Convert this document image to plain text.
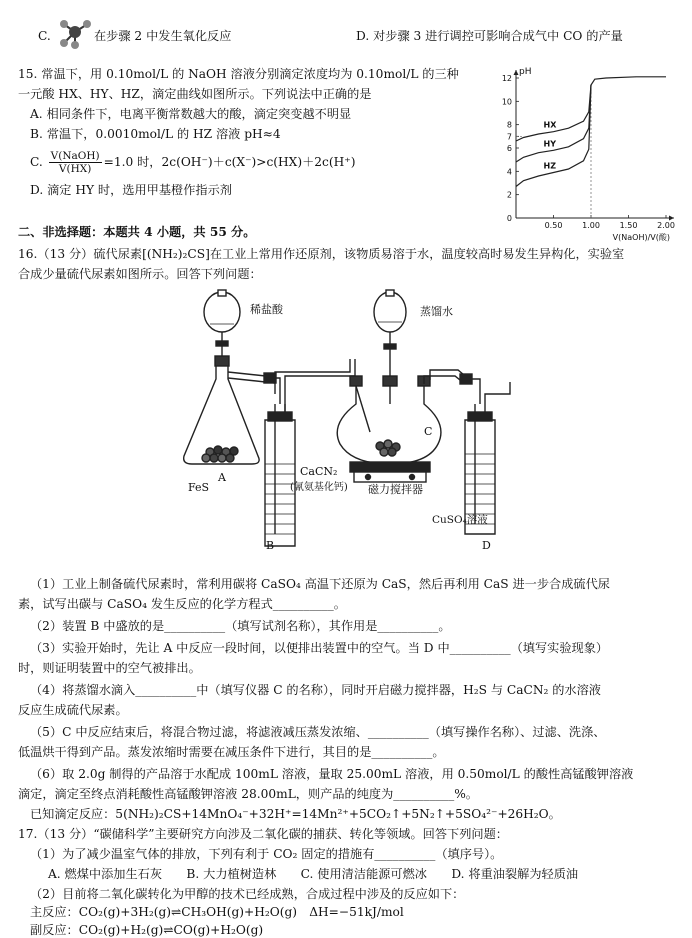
C.	在步骤 2 中发生氧化反应	D. 对步骤 3 进行调控可影响合成气中 CO 的产量
15. 常温下，用 0.10mol/L 的 NaOH 溶液分别滴定浓度均为 0.10mol/L 的三种
一元酸 HX、HY、HZ，滴定曲线如图所示。下列说法中正确的是
A. 相同条件下，电离平衡常数越大的酸，滴定突变越不明显
B. 常温下，0.0010mol/L 的 HZ 溶液 pH≈4
C. $\frac{\text{V(NaOH)}}{V(HX)} =1.0$ 时，2c(OH⁻)＋c(X⁻)>c(HX)＋2c(H⁺)
D. 滴定 HY 时，选用甲基橙作指示剂
pH
2
4
6
7
8
10
12
0
0.50 1.00 1.50 2.00
V(NaOH)/V(酸)
HX
HY
HZ
二、非选择题：本题共 4 小题，共 55 分。
16.（13 分）硫代尿素[(NH₂)₂CS]在工业上常用作还原剂，该物质易溶于水，温度较高时易发生异构化，实验室
合成少量硫代尿素如图所示。回答下列问题：
稀盐酸	蒸馏水
FeS
A
B
C
D
CaCN₂
(氰氨基化钙) 磁力搅拌器
CuSO₄溶液
（1）工业上制备硫代尿素时，常利用碳将 CaSO₄ 高温下还原为 CaS，然后再利用 CaS 进一步合成硫代尿
素，试写出碳与 CaSO₄ 发生反应的化学方程式__________。
（2）装置 B 中盛放的是__________（填写试剂名称），其作用是__________。
（3）实验开始时，先让 A 中反应一段时间，以便排出装置中的空气。当 D 中__________（填写实验现象）
时，则证明装置中的空气被排出。
（4）将蒸馏水滴入__________中（填写仪器 C 的名称），同时开启磁力搅拌器，H₂S 与 CaCN₂ 的水溶液
反应生成硫代尿素。
（5）C 中反应结束后，将混合物过滤，将滤液减压蒸发浓缩、__________（填写操作名称）、过滤、洗涤、
低温烘干得到产品。蒸发浓缩时需要在减压条件下进行，其目的是__________。
（6）取 2.0g 制得的产品溶于水配成 100mL 溶液，量取 25.00mL 溶液，用 0.50mol/L 的酸性高锰酸钾溶液
滴定，滴定至终点消耗酸性高锰酸钾溶液 28.00mL，则产品的纯度为__________%。
已知滴定反应：5(NH₂)₂CS+14MnO₄⁻+32H⁺=14Mn²⁺+5CO₂↑+5N₂↑+5SO₄²⁻+26H₂O。
17.（13 分）“碳储科学”主要研究方向涉及二氧化碳的捕获、转化等领域。回答下列问题：
（1）为了减少温室气体的排放，下列有利于 CO₂ 固定的措施有__________（填序号）。
A. 燃煤中添加生石灰　　B. 大力植树造林　　C. 使用清洁能源可燃冰　　D. 将重油裂解为轻质油
（2）目前将二氧化碳转化为甲醇的技术已经成熟，合成过程中涉及的反应如下：
主反应：CO₂(g)+3H₂(g)⇌CH₃OH(g)+H₂O(g)　ΔH=−51kJ/mol
副反应：CO₂(g)+H₂(g)⇌CO(g)+H₂O(g)
